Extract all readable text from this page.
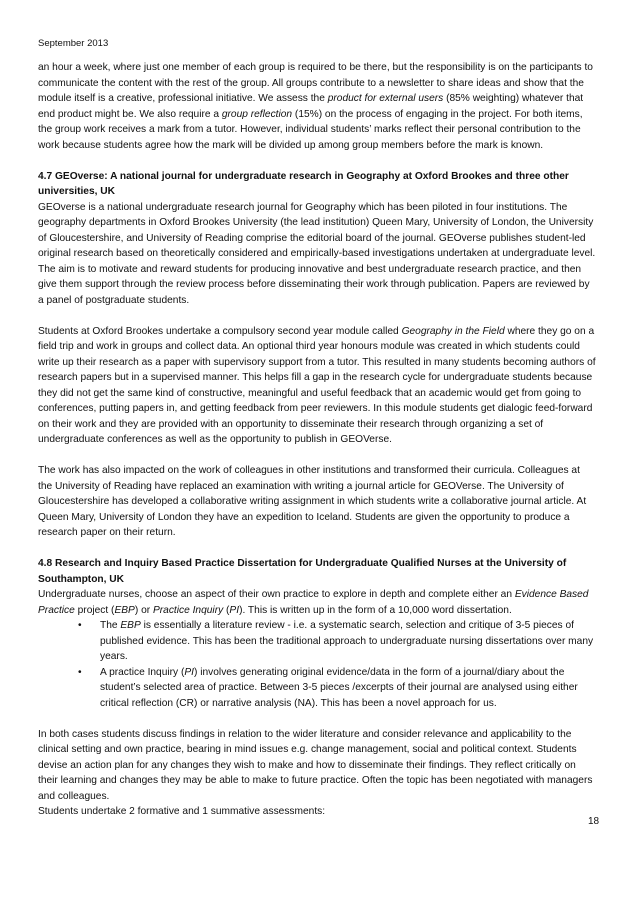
September 2013

an hour a week, where just one member of each group is required to be there, but the responsibility is on the participants to communicate the content with the rest of the group. All groups contribute to a newsletter to share ideas and show that the module itself is a creative, professional initiative. We assess the product for external users (85% weighting) whatever that end product might be. We also require a group reflection (15%) on the process of engaging in the project. For both items, the group work receives a mark from a tutor. However, individual students’ marks reflect their personal contribution to the work because students agree how the mark will be divided up among group members before the mark is known.

4.7 GEOverse: A national journal for undergraduate research in Geography at Oxford Brookes and three other universities, UK

GEOverse is a national undergraduate research journal for Geography which has been piloted in four institutions. The geography departments in Oxford Brookes University (the lead institution) Queen Mary, University of London, the University of Gloucestershire, and University of Reading comprise the editorial board of the journal. GEOverse publishes student-led original research based on theoretically considered and empirically-based investigations undertaken at undergraduate level. The aim is to motivate and reward students for producing innovative and best undergraduate research practice, and then give them support through the review process before disseminating their work through publication. Papers are reviewed by a panel of postgraduate students.

Students at Oxford Brookes undertake a compulsory second year module called Geography in the Field where they go on a field trip and work in groups and collect data. An optional third year honours module was created in which students could write up their research as a paper with supervisory support from a tutor. This resulted in many students becoming authors of research papers but in a supervised manner. This helps fill a gap in the research cycle for undergraduate students because they did not get the same kind of constructive, meaningful and useful feedback that an academic would get from going to conferences, putting papers in, and getting feedback from peer reviewers. In this module students get dialogic feed-forward on their work and they are provided with an opportunity to disseminate their research through organizing a set of undergraduate conferences as well as the opportunity to publish in GEOVerse.

The work has also impacted on the work of colleagues in other institutions and transformed their curricula. Colleagues at the University of Reading have replaced an examination with writing a journal article for GEOVerse. The University of Gloucestershire has developed a collaborative writing assignment in which students write a collaborative journal article. At Queen Mary, University of London they have an expedition to Iceland. Students are given the opportunity to produce a research paper on their return.

4.8 Research and Inquiry Based Practice Dissertation for Undergraduate Qualified Nurses at the University of Southampton, UK

Undergraduate nurses, choose an aspect of their own practice to explore in depth and complete either an Evidence Based Practice project (EBP) or Practice Inquiry (PI). This is written up in the form of a 10,000 word dissertation.

• The EBP is essentially a literature review - i.e. a systematic search, selection and critique of 3-5 pieces of published evidence. This has been the traditional approach to undergraduate nursing dissertations over many years.
• A practice Inquiry (PI) involves generating original evidence/data in the form of a journal/diary about the student’s selected area of practice. Between 3-5 pieces /excerpts of their journal are analysed using either critical reflection (CR) or narrative analysis (NA). This has been a novel approach for us.

In both cases students discuss findings in relation to the wider literature and consider relevance and applicability to the clinical setting and own practice, bearing in mind issues e.g. change management, social and political context. Students devise an action plan for any changes they wish to make and how to disseminate their findings. They reflect critically on their learning and changes they may be able to make to future practice. Often the topic has been negotiated with managers and colleagues.

Students undertake 2 formative and 1 summative assessments:

18
